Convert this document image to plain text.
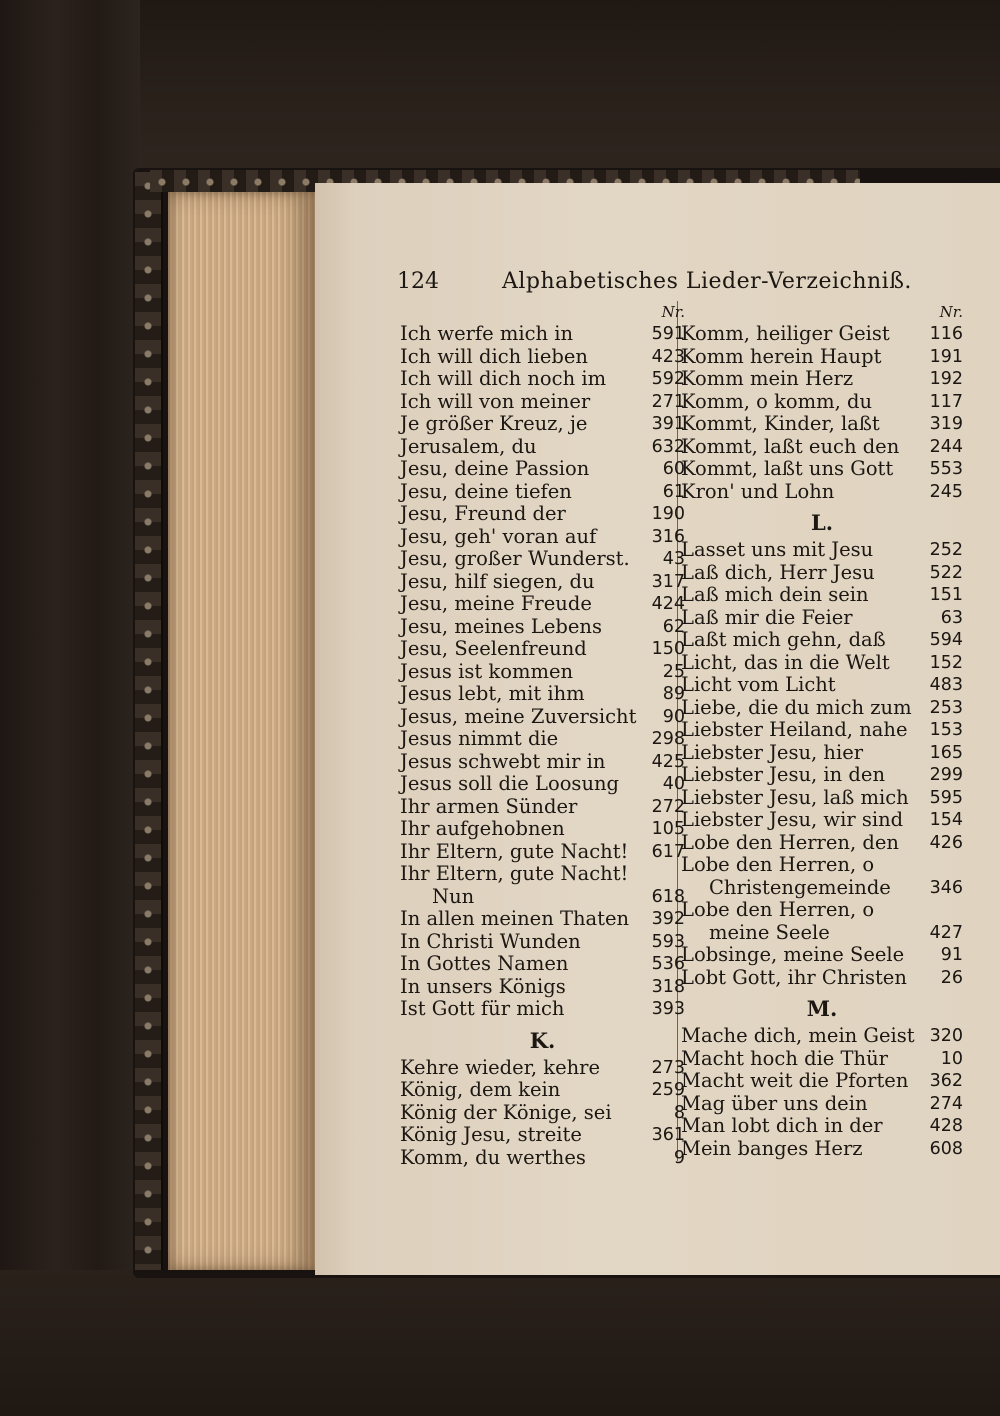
124	Alphabetisches Lieder-Verzeichniß.
Nr.
Ich werfe mich in	591
Ich will dich lieben	423
Ich will dich noch im	592
Ich will von meiner	271
Je größer Kreuz, je	391
Jerusalem, du	632
Jesu, deine Passion	60
Jesu, deine tiefen	61
Jesu, Freund der	190
Jesu, geh' voran auf	316
Jesu, großer Wunderst. 43
Jesu, hilf siegen, du	317
Jesu, meine Freude	424
Jesu, meines Lebens	62
Jesu, Seelenfreund	150
Jesus ist kommen	25
Jesus lebt, mit ihm	89
Jesus, meine Zuversicht 90
Jesus nimmt die	298
Jesus schwebt mir in	425
Jesus soll die Loosung 40
Ihr armen Sünder	272
Ihr aufgehobnen	105
Ihr Eltern, gute Nacht! 617
Ihr Eltern, gute Nacht!
Nun	618
In allen meinen Thaten 392
In Christi Wunden	593
In Gottes Namen	536
In unsers Königs	318
Ist Gott für mich	393
K.
Kehre wieder, kehre	273
König, dem kein	259
König der Könige, sei	8
König Jesu, streite	361
Komm, du werthes	9
Nr.
Komm, heiliger Geist 116
Komm herein Haupt	191
Komm mein Herz	192
Komm, o komm, du	117
Kommt, Kinder, laßt	319
Kommt, laßt euch den 244
Kommt, laßt uns Gott 553
Kron' und Lohn	245
L.
Lasset uns mit Jesu	252
Laß dich, Herr Jesu	522
Laß mich dein sein	151
Laß mir die Feier	63
Laßt mich gehn, daß	594
Licht, das in die Welt 152
Licht vom Licht	483
Liebe, die du mich zum 253
Liebster Heiland, nahe 153
Liebster Jesu, hier	165
Liebster Jesu, in den	299
Liebster Jesu, laß mich 595
Liebster Jesu, wir sind 154
Lobe den Herren, den 426
Lobe den Herren, o
Christengemeinde 346
Lobe den Herren, o
meine Seele	427
Lobsinge, meine Seele 91
Lobt Gott, ihr Christen 26
M.
Mache dich, mein Geist 320
Macht hoch die Thür	10
Macht weit die Pforten 362
Mag über uns dein	274
Man lobt dich in der	428
Mein banges Herz	608
